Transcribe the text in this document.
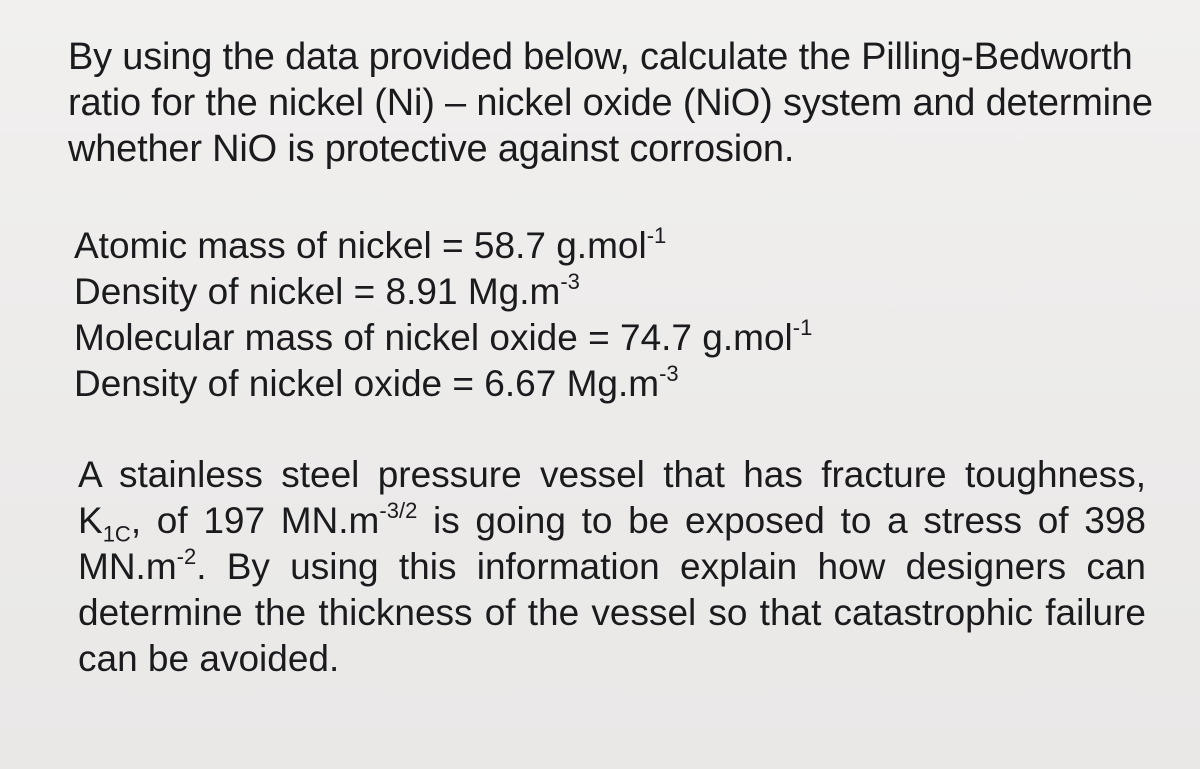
By using the data provided below, calculate the Pilling-Bedworth ratio for the nickel (Ni) – nickel oxide (NiO) system and determine whether NiO is protective against corrosion.

Atomic mass of nickel = 58.7 g.mol$^{-1}$
Density of nickel = 8.91 $Mg.m^{-3}$
Molecular mass of nickel oxide = 74.7 g.mol$^{-1}$
Density of nickel oxide = 6.67 $Mg.m^{-3}$

A stainless steel pressure vessel that has fracture toughness, $K_{1C}$, of 197 $MN.m^{-3/2}$ is going to be exposed to a stress of 398 $MN.m^{-2}$. By using this information explain how designers can determine the thickness of the vessel so that catastrophic failure can be avoided.
